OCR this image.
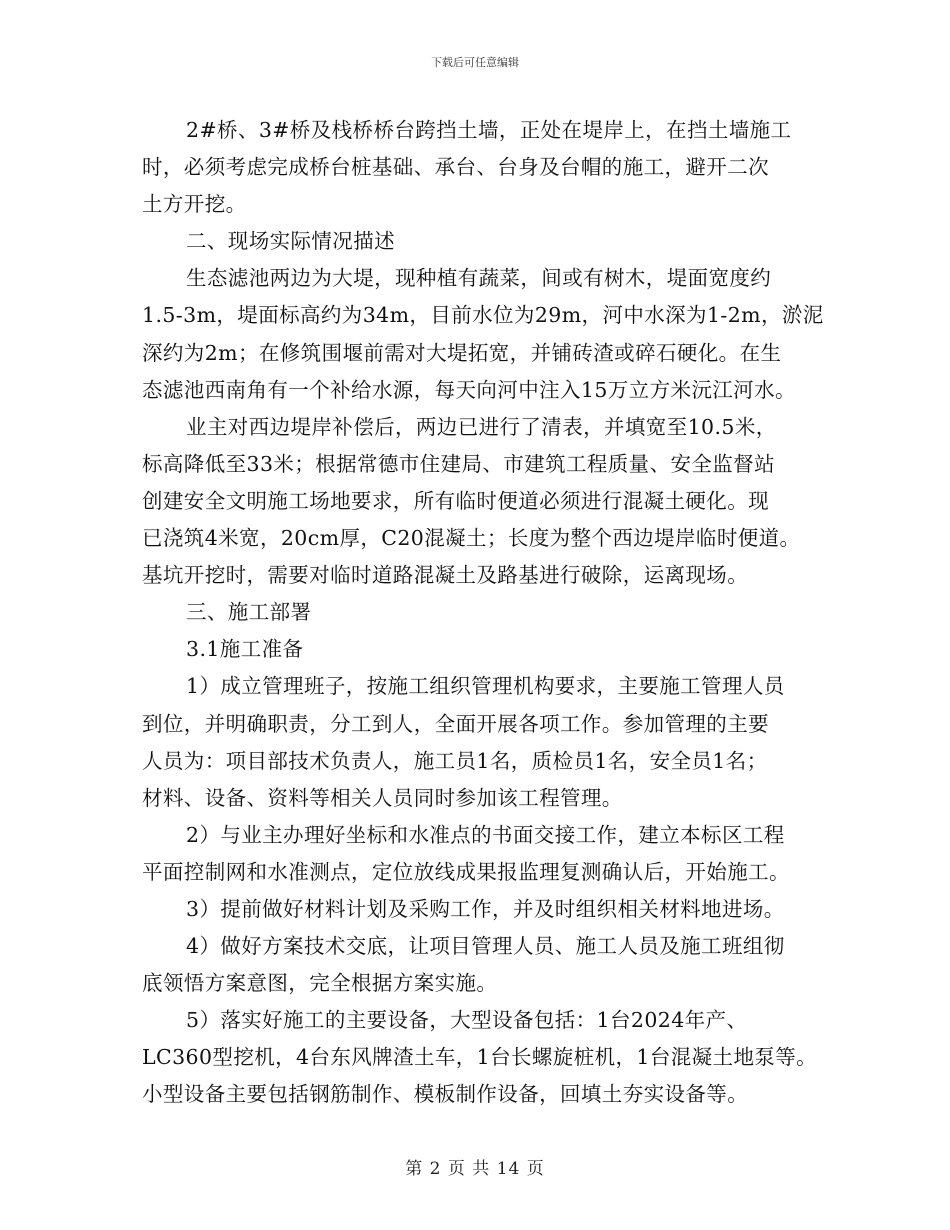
下载后可任意编辑
2#桥、3#桥及栈桥桥台跨挡土墙，正处在堤岸上，在挡土墙施工
时，必须考虑完成桥台桩基础、承台、台身及台帽的施工，避开二次
土方开挖。
二、现场实际情况描述
生态滤池两边为大堤，现种植有蔬菜，间或有树木，堤面宽度约
1.5-3m，堤面标高约为34m，目前水位为29m，河中水深为1-2m，淤泥
深约为2m；在修筑围堰前需对大堤拓宽，并铺砖渣或碎石硬化。在生
态滤池西南角有一个补给水源，每天向河中注入15万立方米沅江河水。
业主对西边堤岸补偿后，两边已进行了清表，并填宽至10.5米，
标高降低至33米；根据常德市住建局、市建筑工程质量、安全监督站
创建安全文明施工场地要求，所有临时便道必须进行混凝土硬化。现
已浇筑4米宽，20cm厚，C20混凝土；长度为整个西边堤岸临时便道。
基坑开挖时，需要对临时道路混凝土及路基进行破除，运离现场。
三、施工部署
3.1施工准备
1）成立管理班子，按施工组织管理机构要求，主要施工管理人员
到位，并明确职责，分工到人，全面开展各项工作。参加管理的主要
人员为：项目部技术负责人，施工员1名，质检员1名，安全员1名；
材料、设备、资料等相关人员同时参加该工程管理。
2）与业主办理好坐标和水准点的书面交接工作，建立本标区工程
平面控制网和水准测点，定位放线成果报监理复测确认后，开始施工。
3）提前做好材料计划及采购工作，并及时组织相关材料地进场。
4）做好方案技术交底，让项目管理人员、施工人员及施工班组彻
底领悟方案意图，完全根据方案实施。
5）落实好施工的主要设备，大型设备包括：1台2024年产、
LC360型挖机，4台东风牌渣土车，1台长螺旋桩机，1台混凝土地泵等。
小型设备主要包括钢筋制作、模板制作设备，回填土夯实设备等。
第 2 页 共 14 页
